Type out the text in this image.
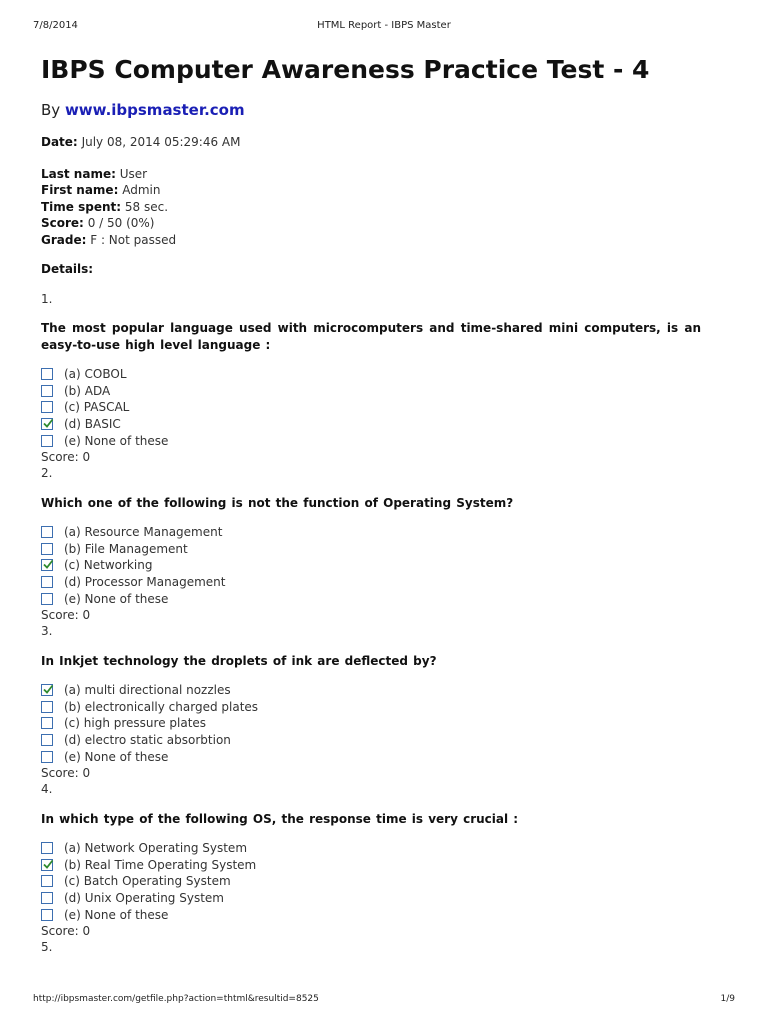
7/8/2014	HTML Report - IBPS Master
IBPS Computer Awareness Practice Test - 4
By www.ibpsmaster.com
Date: July 08, 2014 05:29:46 AM
Last name: User
First name: Admin
Time spent: 58 sec.
Score: 0 / 50 (0%)
Grade: F : Not passed
Details:
1.
The most popular language used with microcomputers and time-shared mini computers, is an easy-to-use high level language :
(a) COBOL
(b) ADA
(c) PASCAL
(d) BASIC
(e) None of these
Score: 0
2.
Which one of the following is not the function of Operating System?
(a) Resource Management
(b) File Management
(c) Networking
(d) Processor Management
(e) None of these
Score: 0
3.
In Inkjet technology the droplets of ink are deflected by?
(a) multi directional nozzles
(b) electronically charged plates
(c) high pressure plates
(d) electro static absorbtion
(e) None of these
Score: 0
4.
In which type of the following OS, the response time is very crucial :
(a) Network Operating System
(b) Real Time Operating System
(c) Batch Operating System
(d) Unix Operating System
(e) None of these
Score: 0
5.
http://ibpsmaster.com/getfile.php?action=thtml&resultid=8525	1/9
